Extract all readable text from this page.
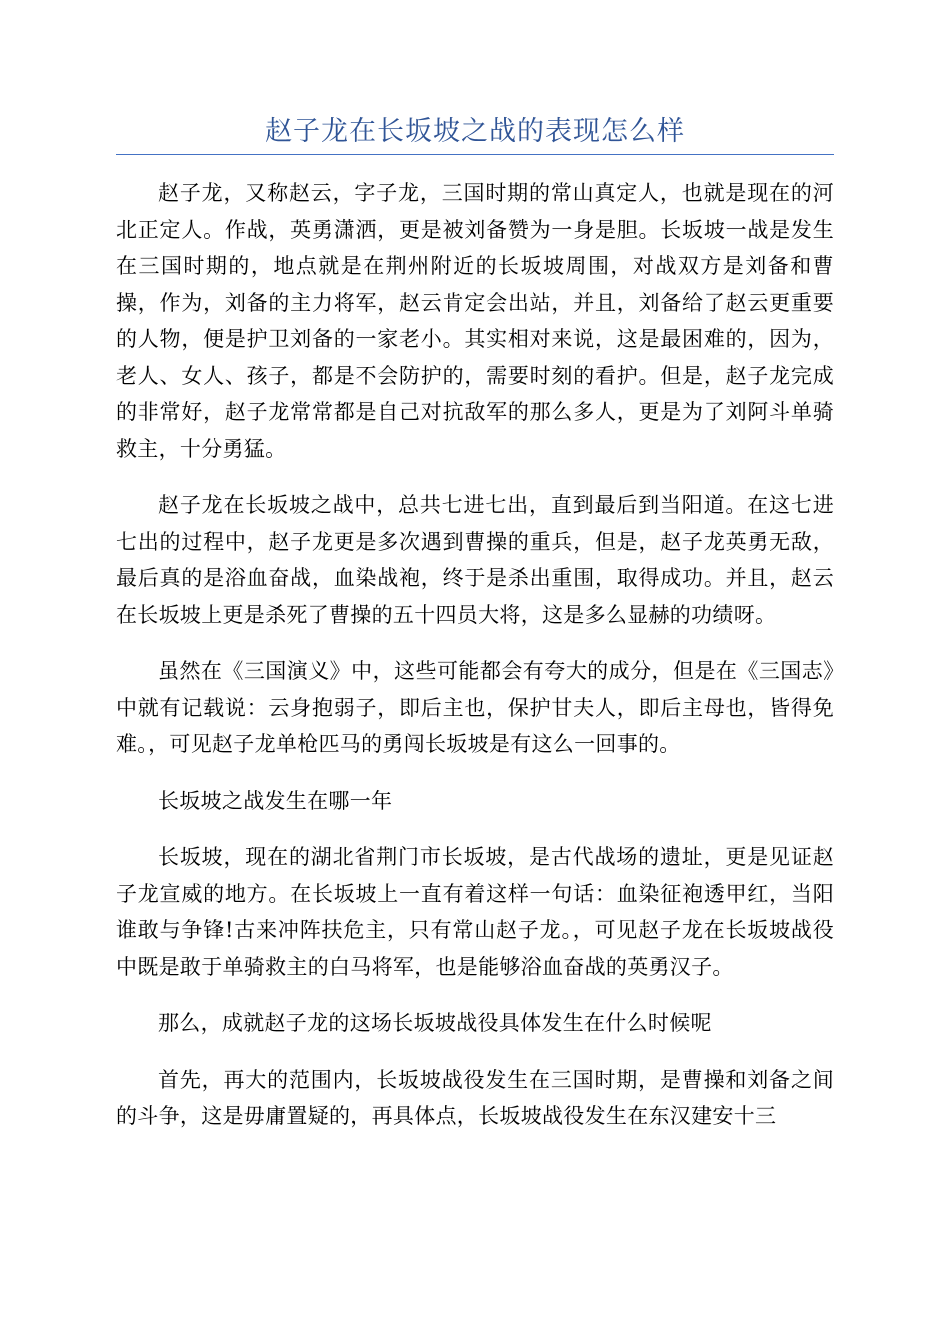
赵子龙在长坂坡之战的表现怎么样

赵子龙，又称赵云，字子龙，三国时期的常山真定人，也就是现在的河北正定人。作战，英勇潇洒，更是被刘备赞为一身是胆。长坂坡一战是发生在三国时期的，地点就是在荆州附近的长坂坡周围，对战双方是刘备和曹操，作为，刘备的主力将军，赵云肯定会出站，并且，刘备给了赵云更重要的人物，便是护卫刘备的一家老小。其实相对来说，这是最困难的，因为，老人、女人、孩子，都是不会防护的，需要时刻的看护。但是，赵子龙完成的非常好，赵子龙常常都是自己对抗敌军的那么多人，更是为了刘阿斗单骑救主，十分勇猛。

赵子龙在长坂坡之战中，总共七进七出，直到最后到当阳道。在这七进七出的过程中，赵子龙更是多次遇到曹操的重兵，但是，赵子龙英勇无敌，最后真的是浴血奋战，血染战袍，终于是杀出重围，取得成功。并且，赵云在长坂坡上更是杀死了曹操的五十四员大将，这是多么显赫的功绩呀。

虽然在《三国演义》中，这些可能都会有夸大的成分，但是在《三国志》中就有记载说：云身抱弱子，即后主也，保护甘夫人，即后主母也，皆得免难。，可见赵子龙单枪匹马的勇闯长坂坡是有这么一回事的。

长坂坡之战发生在哪一年

长坂坡，现在的湖北省荆门市长坂坡，是古代战场的遗址，更是见证赵子龙宣威的地方。在长坂坡上一直有着这样一句话：血染征袍透甲红，当阳谁敢与争锋!古来冲阵扶危主，只有常山赵子龙。，可见赵子龙在长坂坡战役中既是敢于单骑救主的白马将军，也是能够浴血奋战的英勇汉子。

那么，成就赵子龙的这场长坂坡战役具体发生在什么时候呢

首先，再大的范围内，长坂坡战役发生在三国时期，是曹操和刘备之间的斗争，这是毋庸置疑的，再具体点，长坂坡战役发生在东汉建安十三
